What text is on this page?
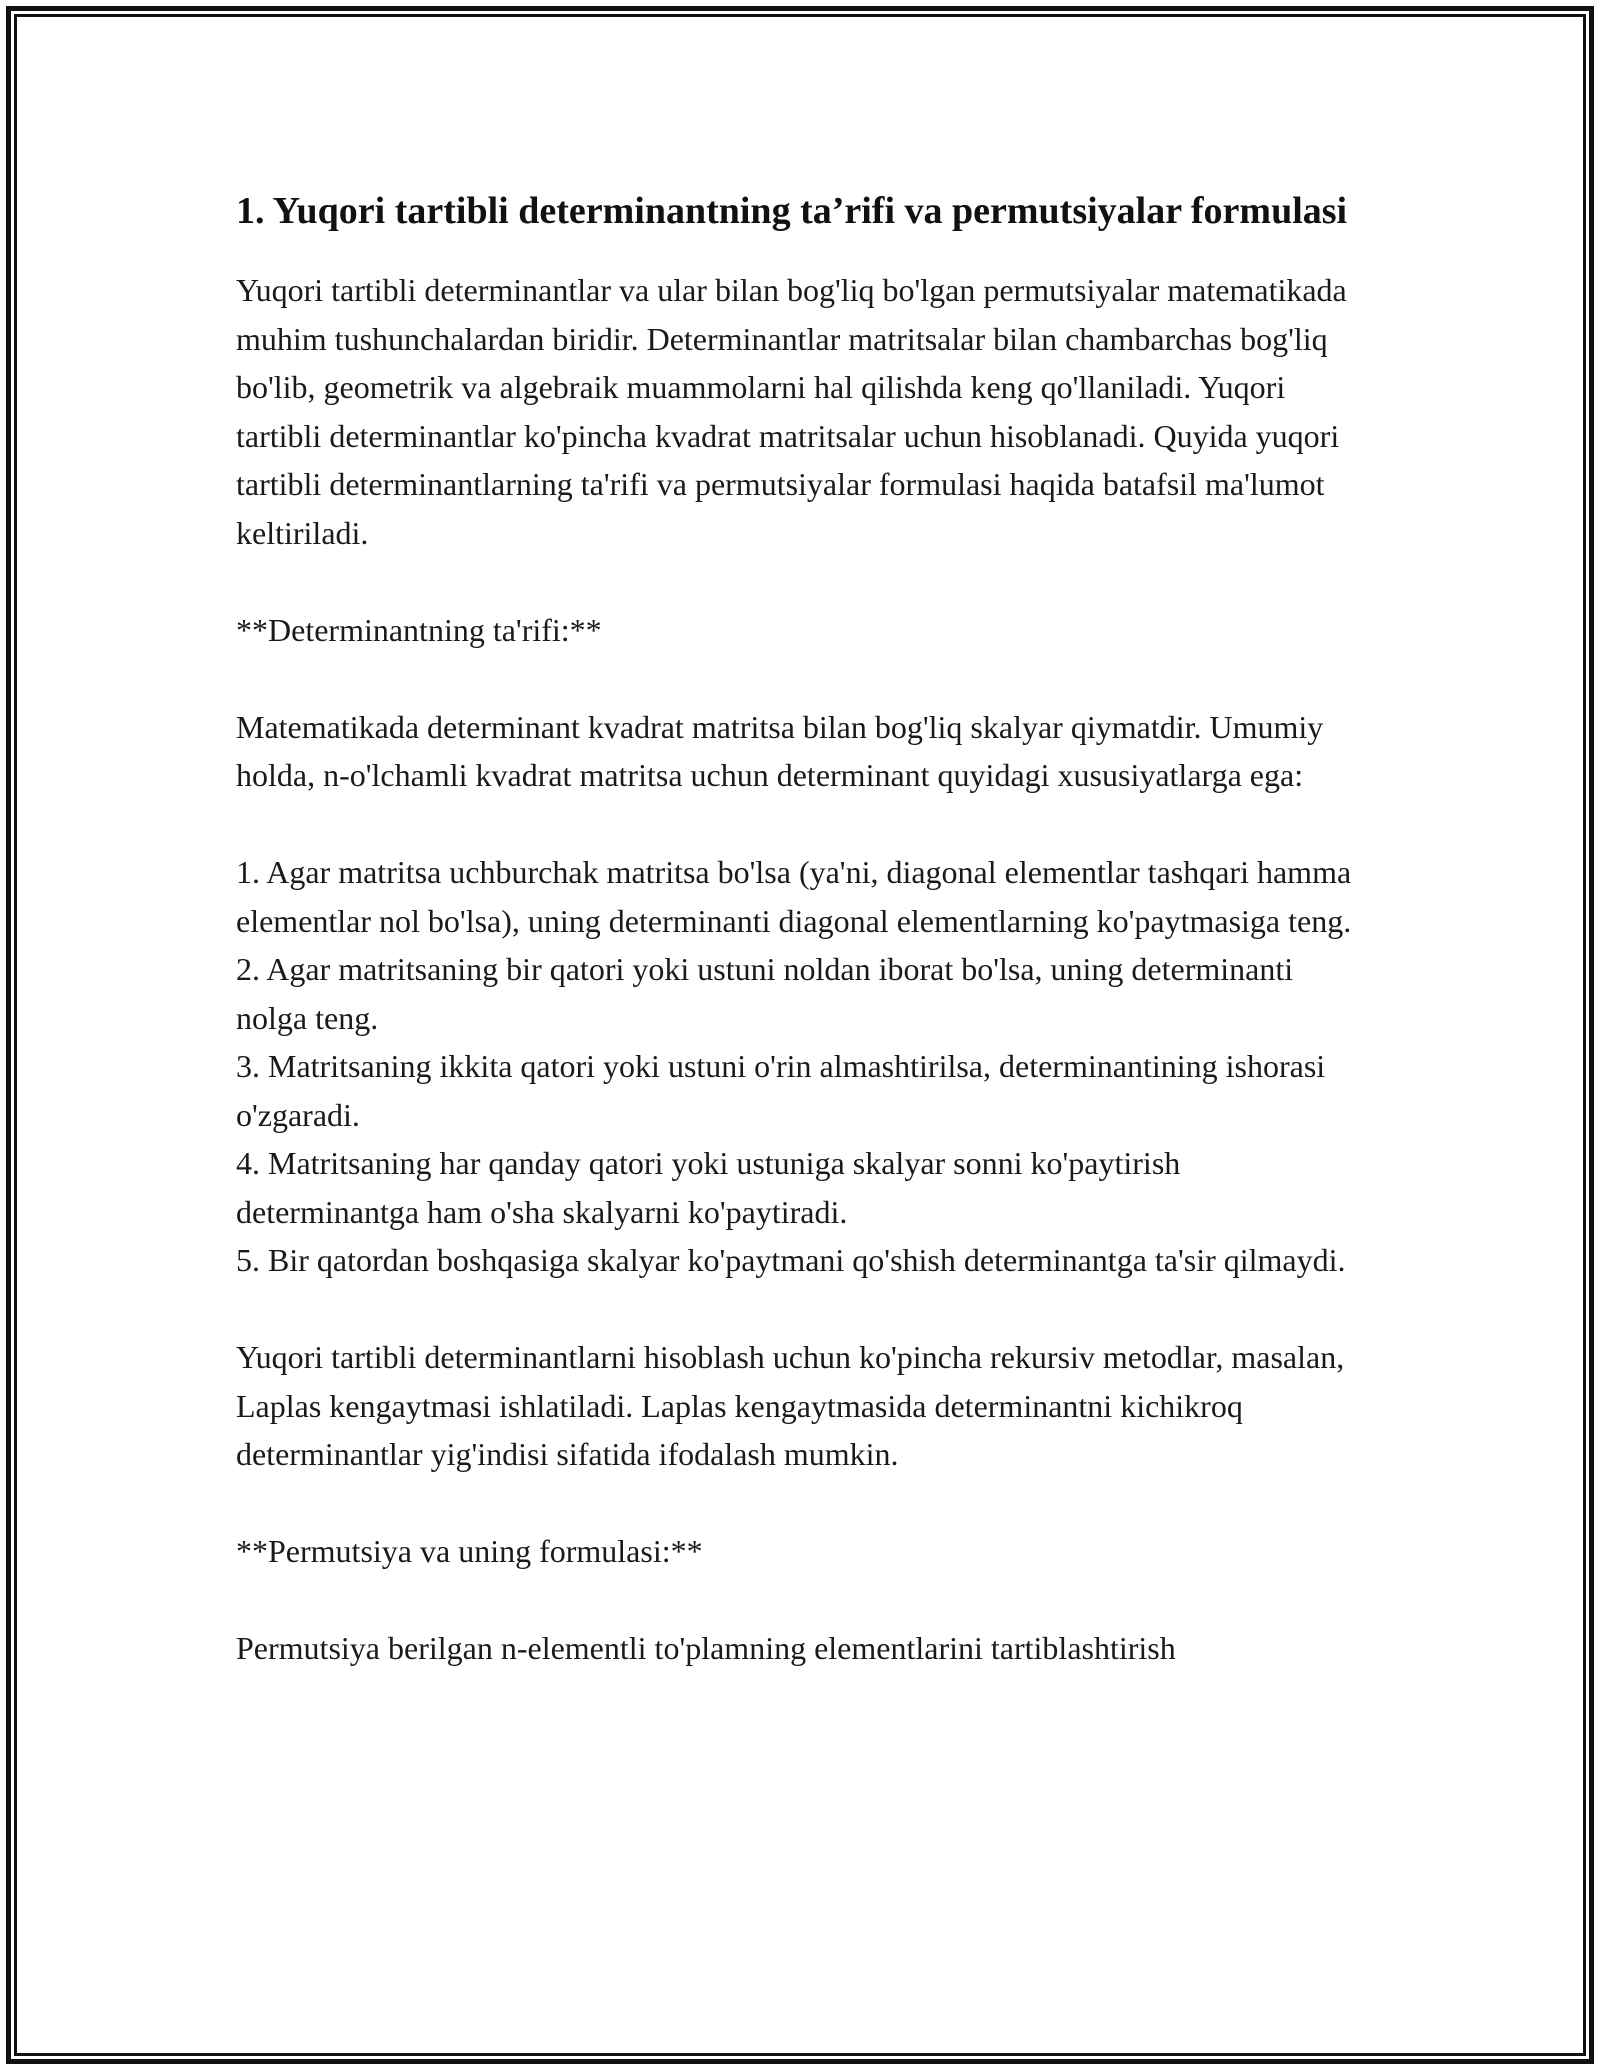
1. Yuqori tartibli determinantning ta’rifi va permutsiyalar formulasi

Yuqori tartibli determinantlar va ular bilan bog'liq bo'lgan permutsiyalar matematikada muhim tushunchalardan biridir. Determinantlar matritsalar bilan chambarchas bog'liq bo'lib, geometrik va algebraik muammolarni hal qilishda keng qo'llaniladi. Yuqori tartibli determinantlar ko'pincha kvadrat matritsalar uchun hisoblanadi. Quyida yuqori tartibli determinantlarning ta'rifi va permutsiyalar formulasi haqida batafsil ma'lumot keltiriladi.

**Determinantning ta'rifi:**

Matematikada determinant kvadrat matritsa bilan bog'liq skalyar qiymatdir. Umumiy holda, n-o'lchamli kvadrat matritsa uchun determinant quyidagi xususiyatlarga ega:

1. Agar matritsa uchburchak matritsa bo'lsa (ya'ni, diagonal elementlar tashqari hamma elementlar nol bo'lsa), uning determinanti diagonal elementlarning ko'paytmasiga teng.

2. Agar matritsaning bir qatori yoki ustuni noldan iborat bo'lsa, uning determinanti nolga teng.

3. Matritsaning ikkita qatori yoki ustuni o'rin almashtirilsa, determinantining ishorasi o'zgaradi.

4. Matritsaning har qanday qatori yoki ustuniga skalyar sonni ko'paytirish determinantga ham o'sha skalyarni ko'paytiradi.

5. Bir qatordan boshqasiga skalyar ko'paytmani qo'shish determinantga ta'sir qilmaydi.

Yuqori tartibli determinantlarni hisoblash uchun ko'pincha rekursiv metodlar, masalan, Laplas kengaytmasi ishlatiladi. Laplas kengaytmasida determinantni kichikroq determinantlar yig'indisi sifatida ifodalash mumkin.

**Permutsiya va uning formulasi:**

Permutsiya berilgan n-elementli to'plamning elementlarini tartiblashtirish
